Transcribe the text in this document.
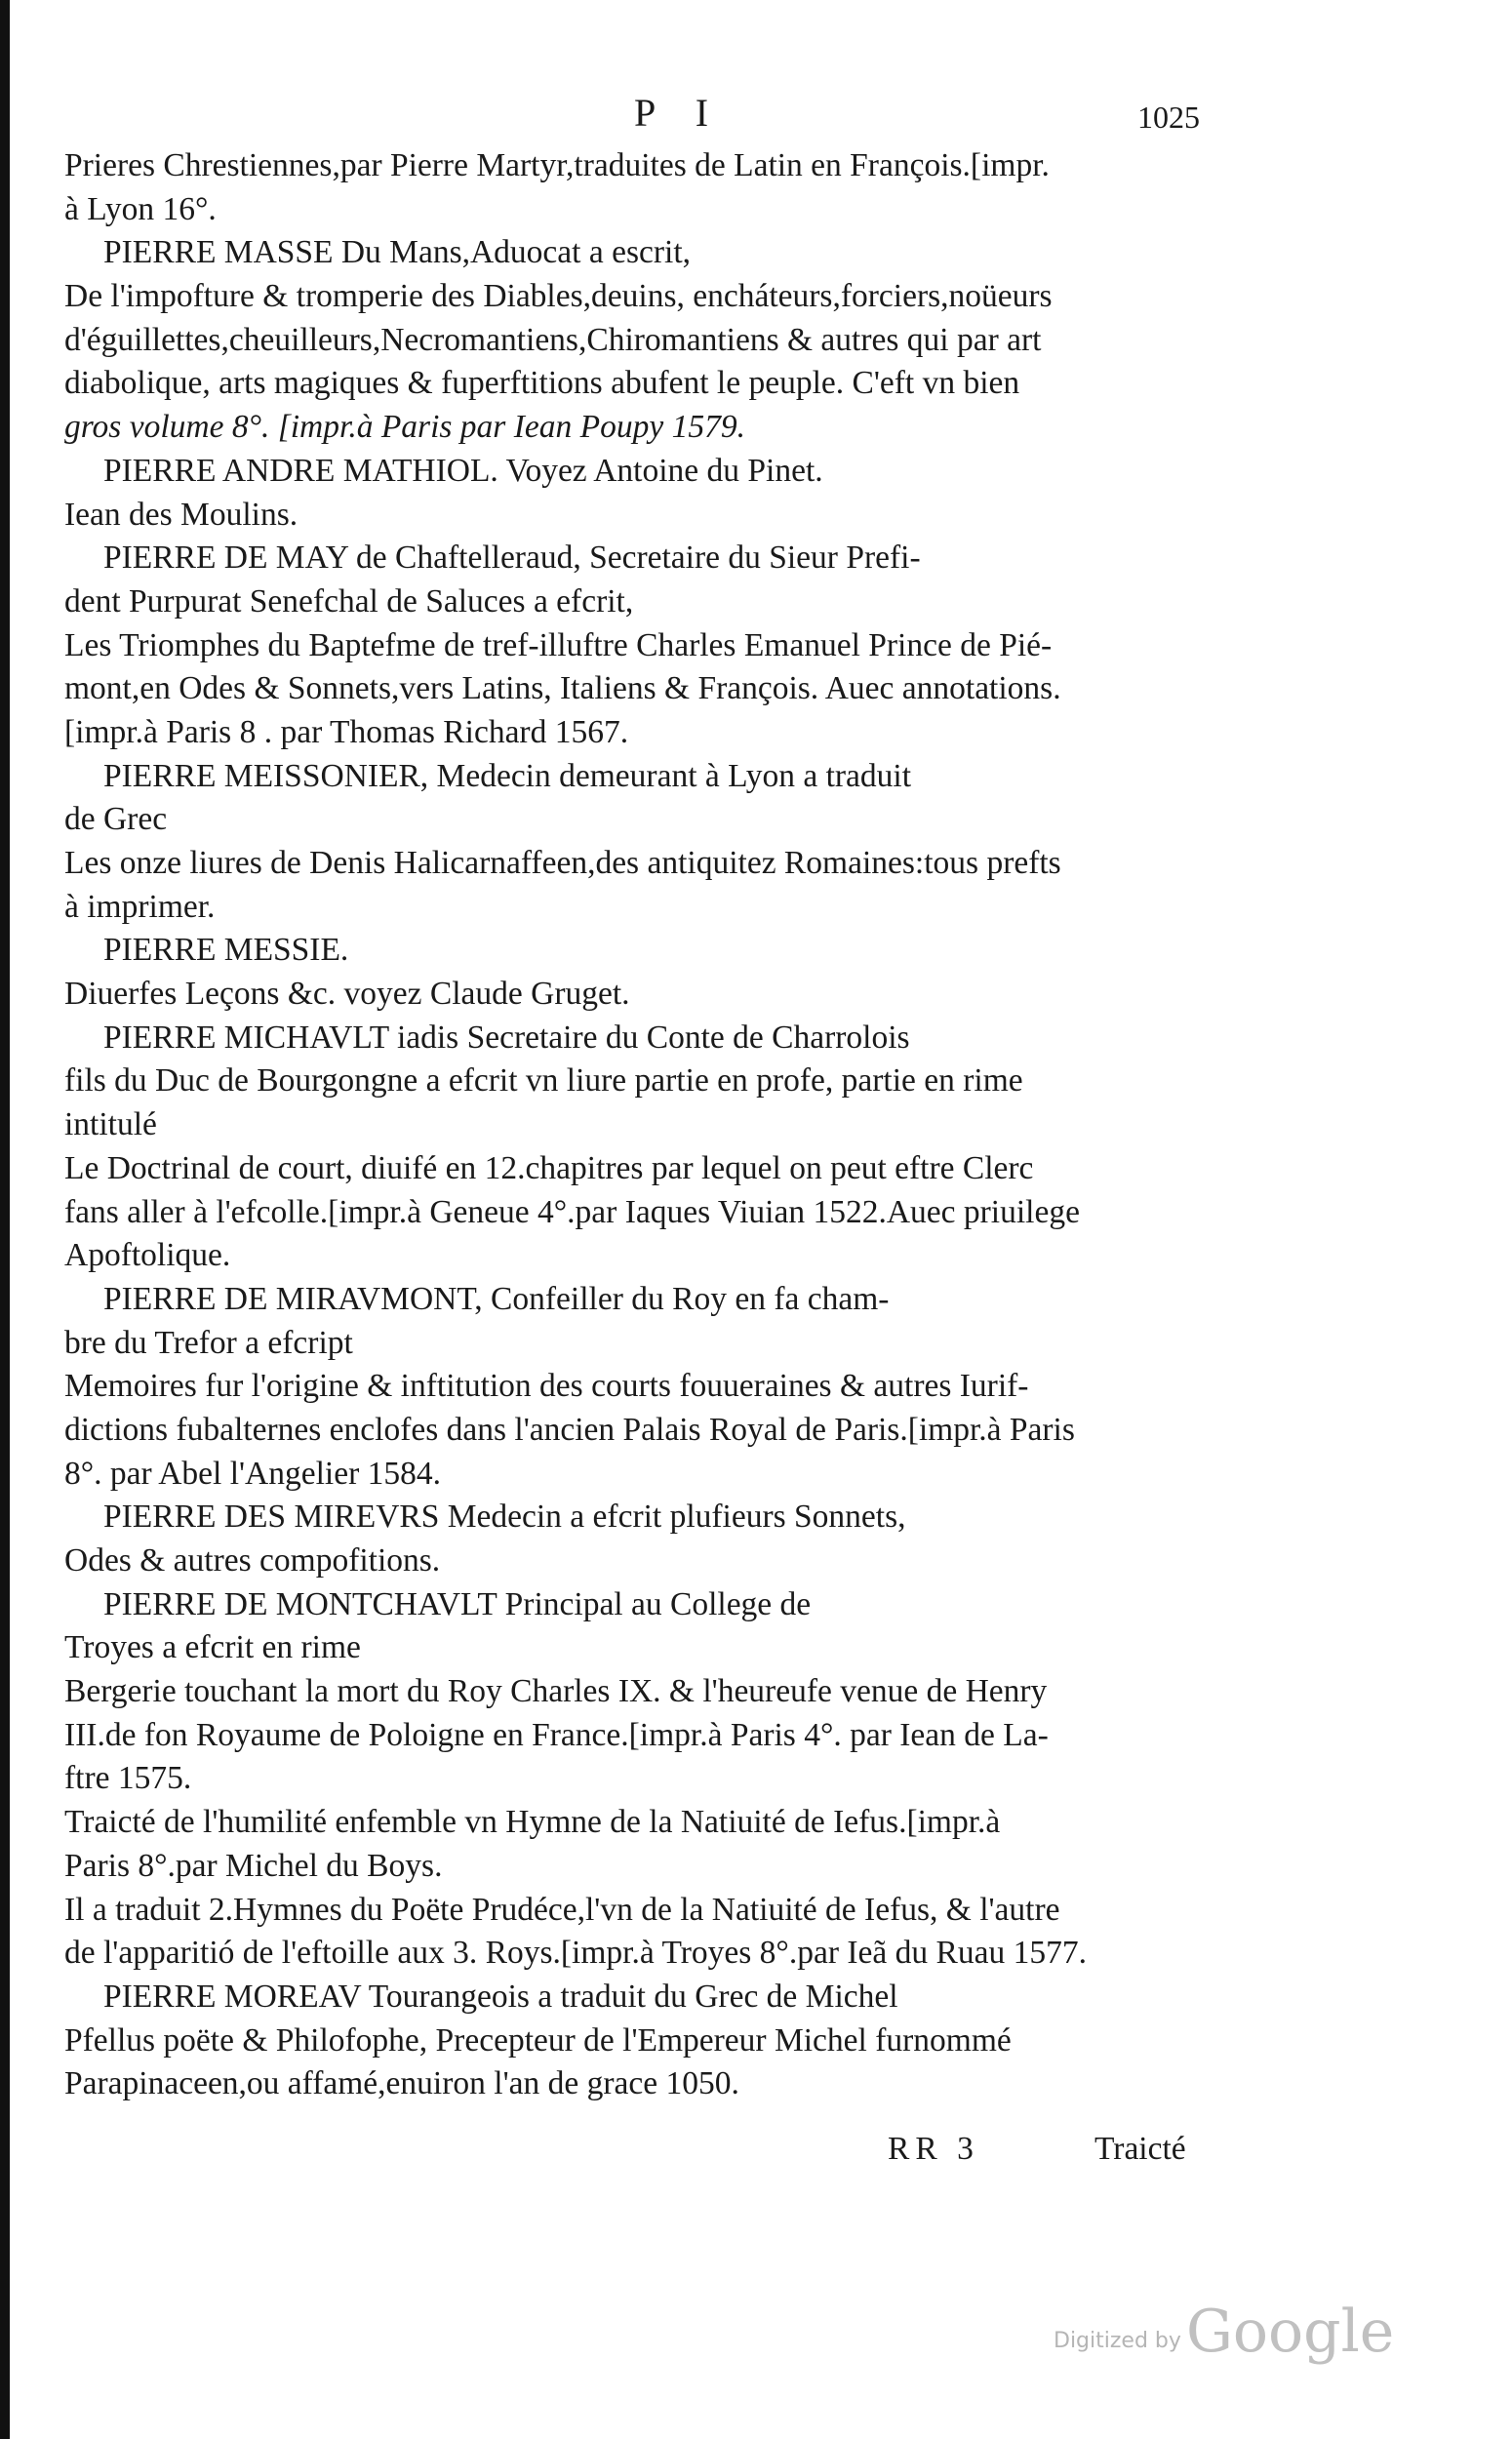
P I	1025
Prieres Chrestiennes,par Pierre Martyr,traduites de Latin en François.[impr.
à Lyon 16°.
PIERRE MASSE Du Mans,Aduocat a escrit,
De l'impofture & tromperie des Diables,deuins, encháteurs,forciers,noüeurs
d'éguillettes,cheuilleurs,Necromantiens,Chiromantiens & autres qui par art
diabolique, arts magiques & fuperftitions abufent le peuple. C'eft vn bien
gros volume 8°. [impr.à Paris par Iean Poupy 1579.
PIERRE ANDRE MATHIOL. Voyez Antoine du Pinet.
Iean des Moulins.
PIERRE DE MAY de Chaftelleraud, Secretaire du Sieur Prefi-
dent Purpurat Senefchal de Saluces a efcrit,
Les Triomphes du Baptefme de tref-illuftre Charles Emanuel Prince de Pié-
mont,en Odes & Sonnets,vers Latins, Italiens & François. Auec annotations.
[impr.à Paris 8 . par Thomas Richard 1567.
PIERRE MEISSONIER, Medecin demeurant à Lyon a traduit
de Grec
Les onze liures de Denis Halicarnaffeen,des antiquitez Romaines:tous prefts
à imprimer.
PIERRE MESSIE.
Diuerfes Leçons &c. voyez Claude Gruget.
PIERRE MICHAVLT iadis Secretaire du Conte de Charrolois
fils du Duc de Bourgongne a efcrit vn liure partie en profe, partie en rime
intitulé
Le Doctrinal de court, diuifé en 12.chapitres par lequel on peut eftre Clerc
fans aller à l'efcolle.[impr.à Geneue 4°.par Iaques Viuian 1522.Auec priuilege
Apoftolique.
PIERRE DE MIRAVMONT, Confeiller du Roy en fa cham-
bre du Trefor a efcript
Memoires fur l'origine & inftitution des courts fouueraines & autres Iurif-
dictions fubalternes enclofes dans l'ancien Palais Royal de Paris.[impr.à Paris
8°. par Abel l'Angelier 1584.
PIERRE DES MIREVRS Medecin a efcrit plufieurs Sonnets,
Odes & autres compofitions.
PIERRE DE MONTCHAVLT Principal au College de
Troyes a efcrit en rime
Bergerie touchant la mort du Roy Charles IX. & l'heureufe venue de Henry
III.de fon Royaume de Poloigne en France.[impr.à Paris 4°. par Iean de La-
ftre 1575.
Traicté de l'humilité enfemble vn Hymne de la Natiuité de Iefus.[impr.à
Paris 8°.par Michel du Boys.
Il a traduit 2.Hymnes du Poëte Prudéce,l'vn de la Natiuité de Iefus, & l'autre
de l'apparitió de l'eftoille aux 3. Roys.[impr.à Troyes 8°.par Ieã du Ruau 1577.
PIERRE MOREAV Tourangeois a traduit du Grec de Michel
Pfellus poëte & Philofophe, Precepteur de l'Empereur Michel furnommé
Parapinaceen,ou affamé,enuiron l'an de grace 1050.
RR 3	Traicté
Digitized by Google
